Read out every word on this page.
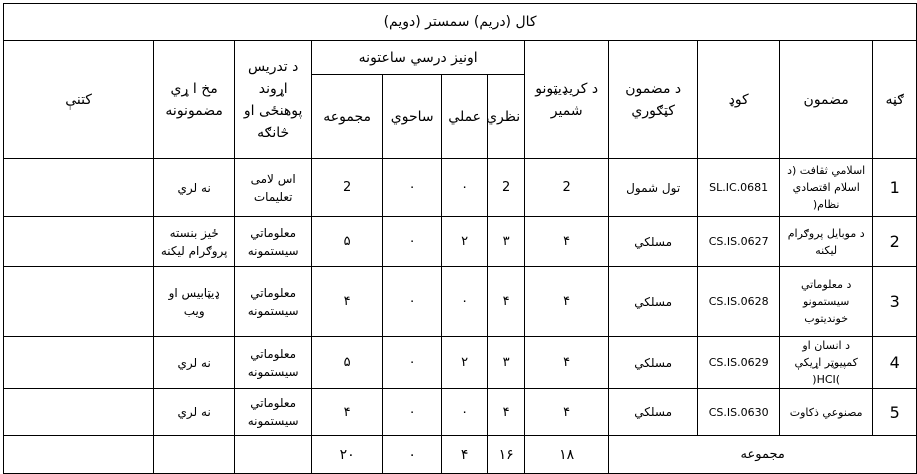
کال (دریم) سمستر (دویم)											
ګڼه	مضمون	کوډ	د مضمون کټګوري	د کریډیټونو شمیر	اونیز درسي ساعتونه				د تدریس اړوند پوهنځی او څانګه	مخ ا ړي مضمونونه	کتنې
					نظري	عملي	ساحوي	مجموعه			
1	اسلامي ثقافت (د اسلام اقتصادي نظام(	SL.IC.0681	تول شمول	2	2	٠	٠	2	اس لامی تعلیمات	نه لري	
2	د موبایل پروګرام لیکنه	CS.IS.0627	مسلکي	۴	۳	۲	٠	۵	معلوماتي سیستمونه	ځیز بنسته پروګرام لیکنه	
3	د معلوماتي سیستمونو خونديتوب	CS.IS.0628	مسلکي	۴	۴	٠	٠	۴	معلوماتي سیستمونه	ډیټابیس او ویب	
4	د انسان او کمپیوټر اړیکې )HCI(	CS.IS.0629	مسلکي	۴	۳	۲	٠	۵	معلوماتي سیستمونه	نه لري	
5	مصنوعي ذکاوت	CS.IS.0630	مسلکي	۴	۴	٠	٠	۴	معلوماتي سیستمونه	نه لري	
مجموعه				۱۸	۱۶	۴	٠	۲٠			
